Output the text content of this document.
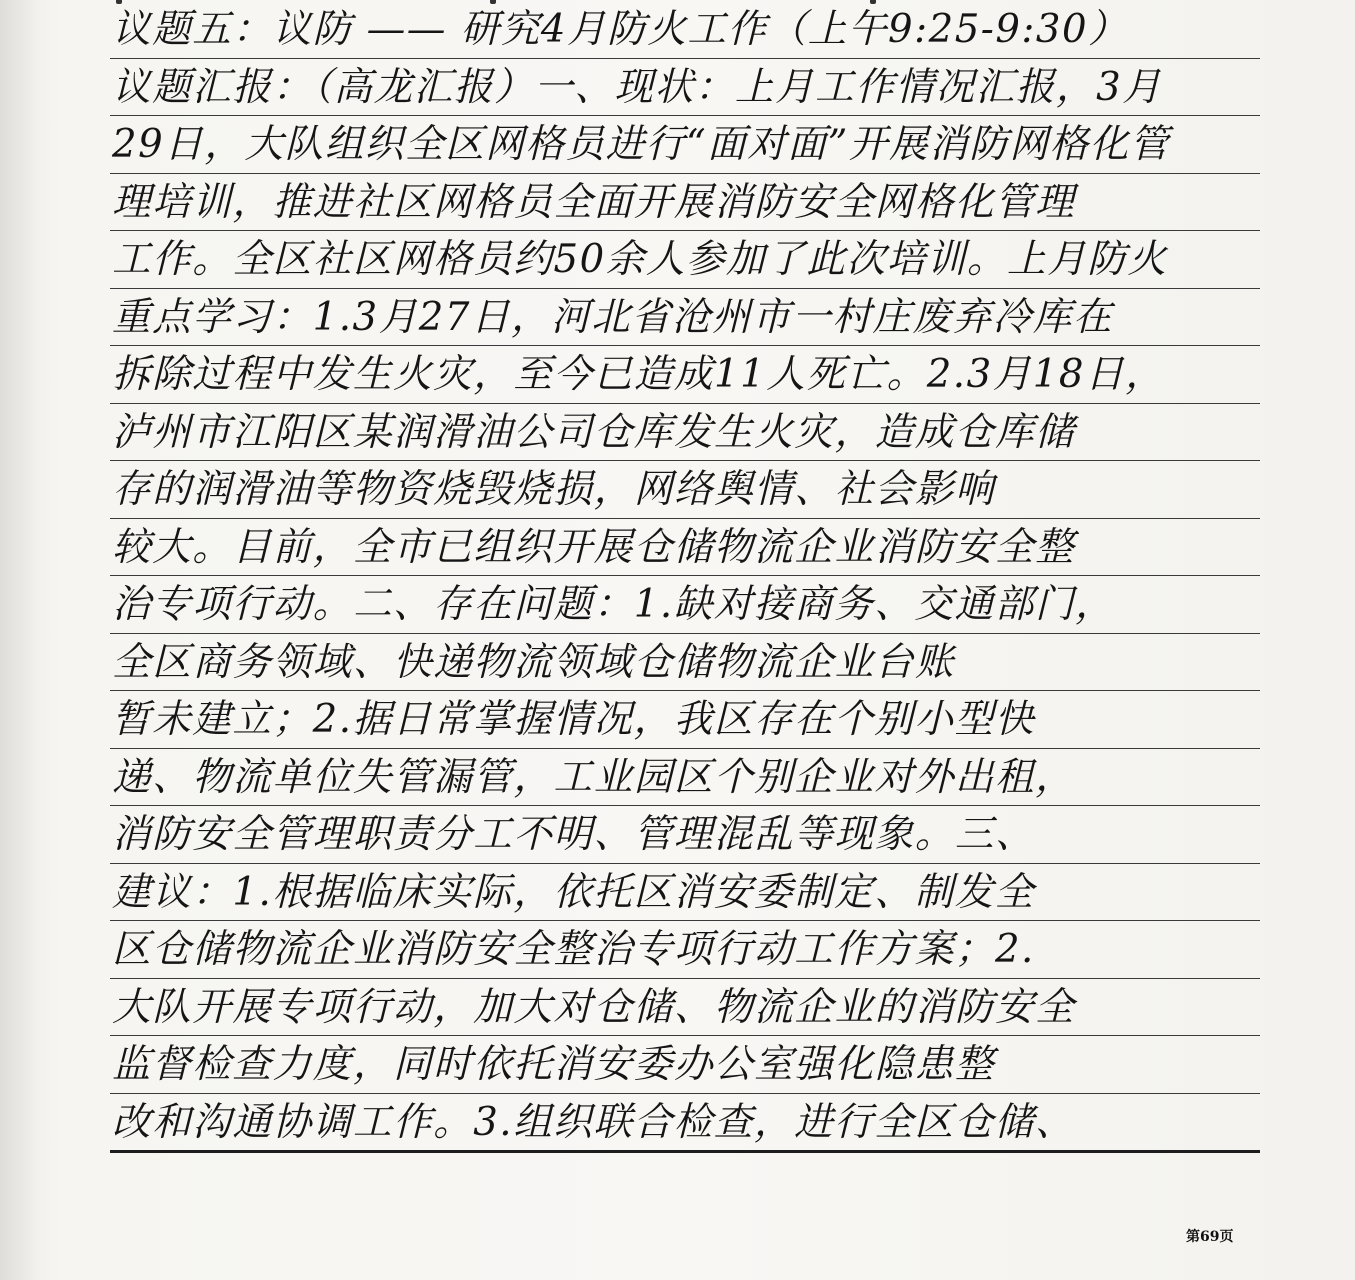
议题五：议防 —— 研究4月防火工作（上午9:25-9:30）
议题汇报：（高龙汇报）一、现状：上月工作情况汇报，3月
29日，大队组织全区网格员进行“面对面”开展消防网格化管
理培训，推进社区网格员全面开展消防安全网格化管理
工作。全区社区网格员约50余人参加了此次培训。上月防火
重点学习：1.3月27日，河北省沧州市一村庄废弃冷库在
拆除过程中发生火灾，至今已造成11人死亡。2.3月18日，
泸州市江阳区某润滑油公司仓库发生火灾，造成仓库储
存的润滑油等物资烧毁烧损，网络舆情、社会影响
较大。目前，全市已组织开展仓储物流企业消防安全整
治专项行动。二、存在问题：1.缺对接商务、交通部门，
全区商务领域、快递物流领域仓储物流企业台账
暂未建立；2.据日常掌握情况，我区存在个别小型快
递、物流单位失管漏管，工业园区个别企业对外出租，
消防安全管理职责分工不明、管理混乱等现象。三、
建议：1.根据临床实际，依托区消安委制定、制发全
区仓储物流企业消防安全整治专项行动工作方案；2.
大队开展专项行动，加大对仓储、物流企业的消防安全
监督检查力度，同时依托消安委办公室强化隐患整
改和沟通协调工作。3.组织联合检查，进行全区仓储、
第69页
